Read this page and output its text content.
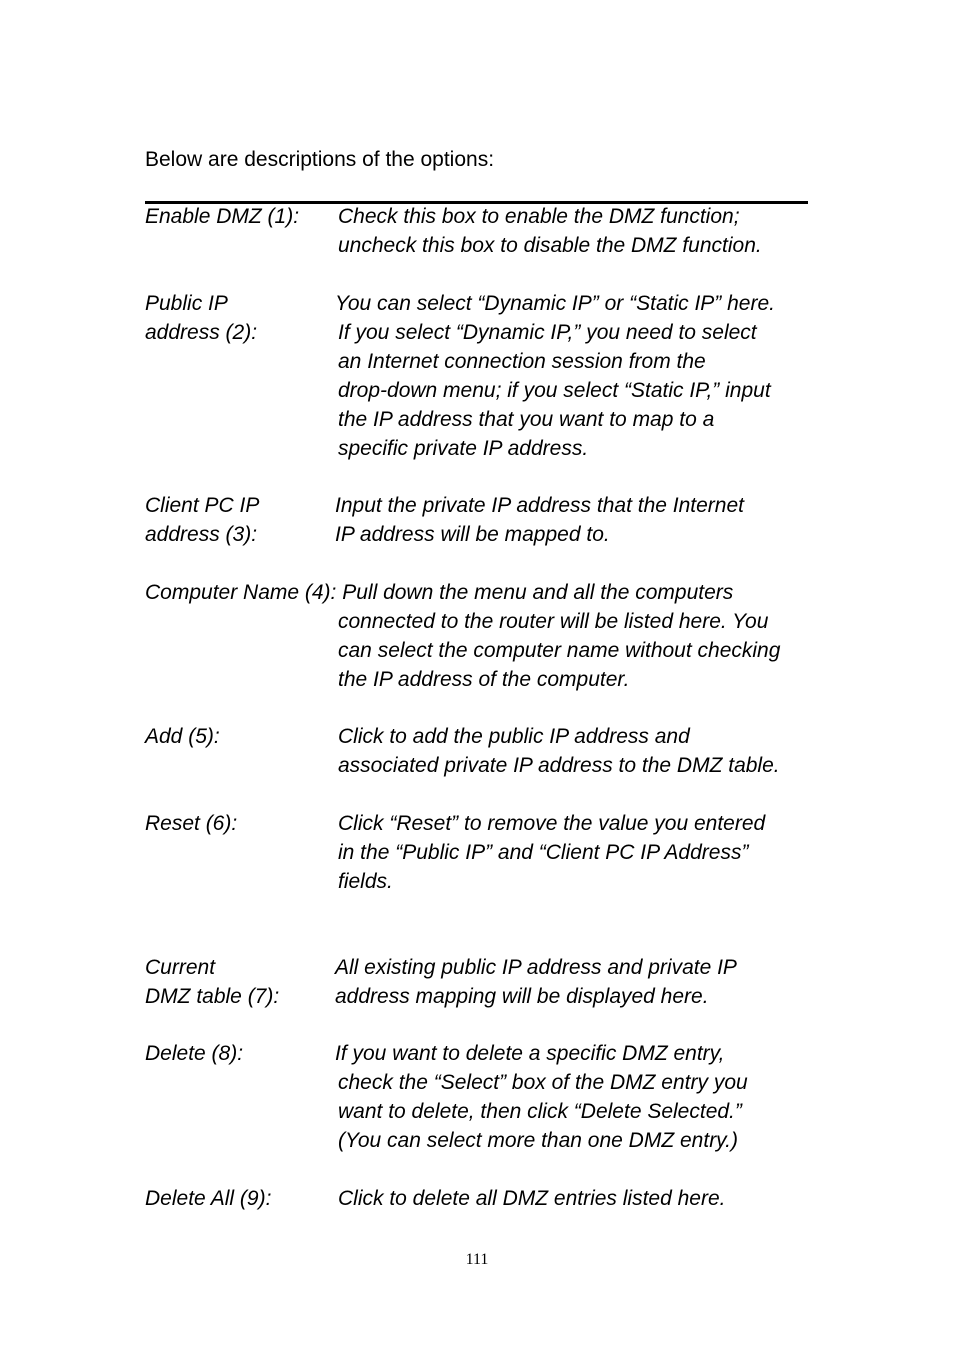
Below are descriptions of the options:
Enable DMZ (1): Check this box to enable the DMZ function;
uncheck this box to disable the DMZ function.
Public IP	You can select “Dynamic IP” or “Static IP” here.
address (2):	If you select “Dynamic IP,” you need to select
an Internet connection session from the
drop-down menu; if you select “Static IP,” input
the IP address that you want to map to a
specific private IP address.
Client PC IP	Input the private IP address that the Internet
address (3):	IP address will be mapped to.
Computer Name (4): Pull down the menu and all the computers
connected to the router will be listed here. You
can select the computer name without checking
the IP address of the computer.
Add (5):	Click to add the public IP address and
associated private IP address to the DMZ table.
Reset (6):	Click “Reset” to remove the value you entered
in the “Public IP” and “Client PC IP Address”
fields.
Current	All existing public IP address and private IP
DMZ table (7):	address mapping will be displayed here.
Delete (8):	If you want to delete a specific DMZ entry,
check the “Select” box of the DMZ entry you
want to delete, then click “Delete Selected.”
(You can select more than one DMZ entry.)
Delete All (9):	Click to delete all DMZ entries listed here.
111
